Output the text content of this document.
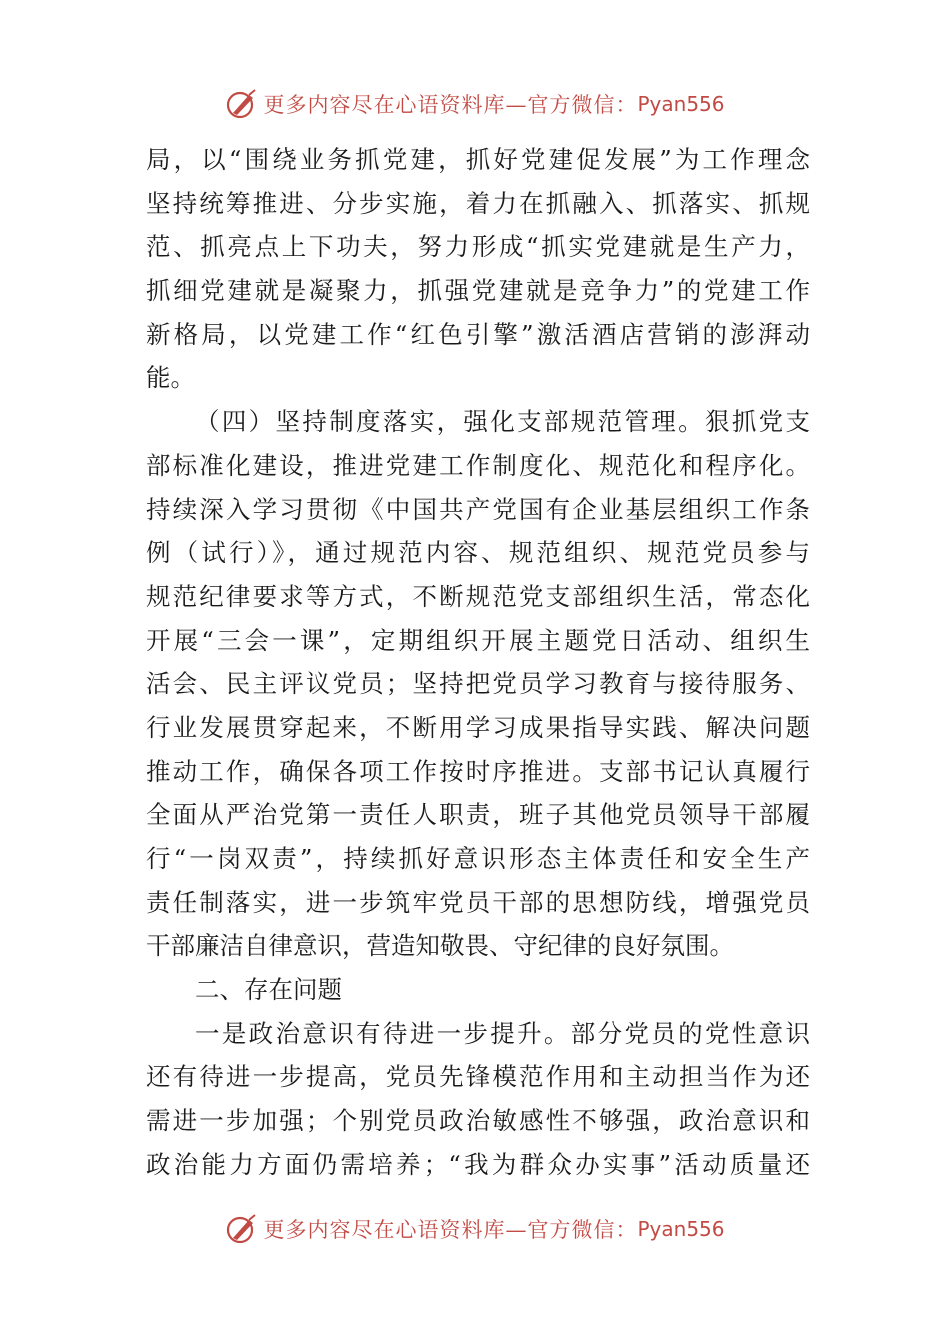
更多内容尽在心语资料库—官方微信： Pyan556
局，以“围绕业务抓党建，抓好党建促发展”为工作理念
坚持统筹推进、分步实施，着力在抓融入、抓落实、抓规
范、抓亮点上下功夫，努力形成“抓实党建就是生产力，
抓细党建就是凝聚力，抓强党建就是竞争力”的党建工作
新格局，以党建工作“红色引擎”激活酒店营销的澎湃动
能。
（四）坚持制度落实，强化支部规范管理。狠抓党支
部标准化建设，推进党建工作制度化、规范化和程序化。
持续深入学习贯彻《中国共产党国有企业基层组织工作条
例（试行）》，通过规范内容、规范组织、规范党员参与
规范纪律要求等方式，不断规范党支部组织生活，常态化
开展“三会一课”，定期组织开展主题党日活动、组织生
活会、民主评议党员；坚持把党员学习教育与接待服务、
行业发展贯穿起来，不断用学习成果指导实践、解决问题
推动工作，确保各项工作按时序推进。支部书记认真履行
全面从严治党第一责任人职责，班子其他党员领导干部履
行“一岗双责”，持续抓好意识形态主体责任和安全生产
责任制落实，进一步筑牢党员干部的思想防线，增强党员
干部廉洁自律意识，营造知敬畏、守纪律的良好氛围。
二、存在问题
一是政治意识有待进一步提升。部分党员的党性意识
还有待进一步提高，党员先锋模范作用和主动担当作为还
需进一步加强；个别党员政治敏感性不够强，政治意识和
政治能力方面仍需培养；“我为群众办实事”活动质量还
更多内容尽在心语资料库—官方微信： Pyan556
